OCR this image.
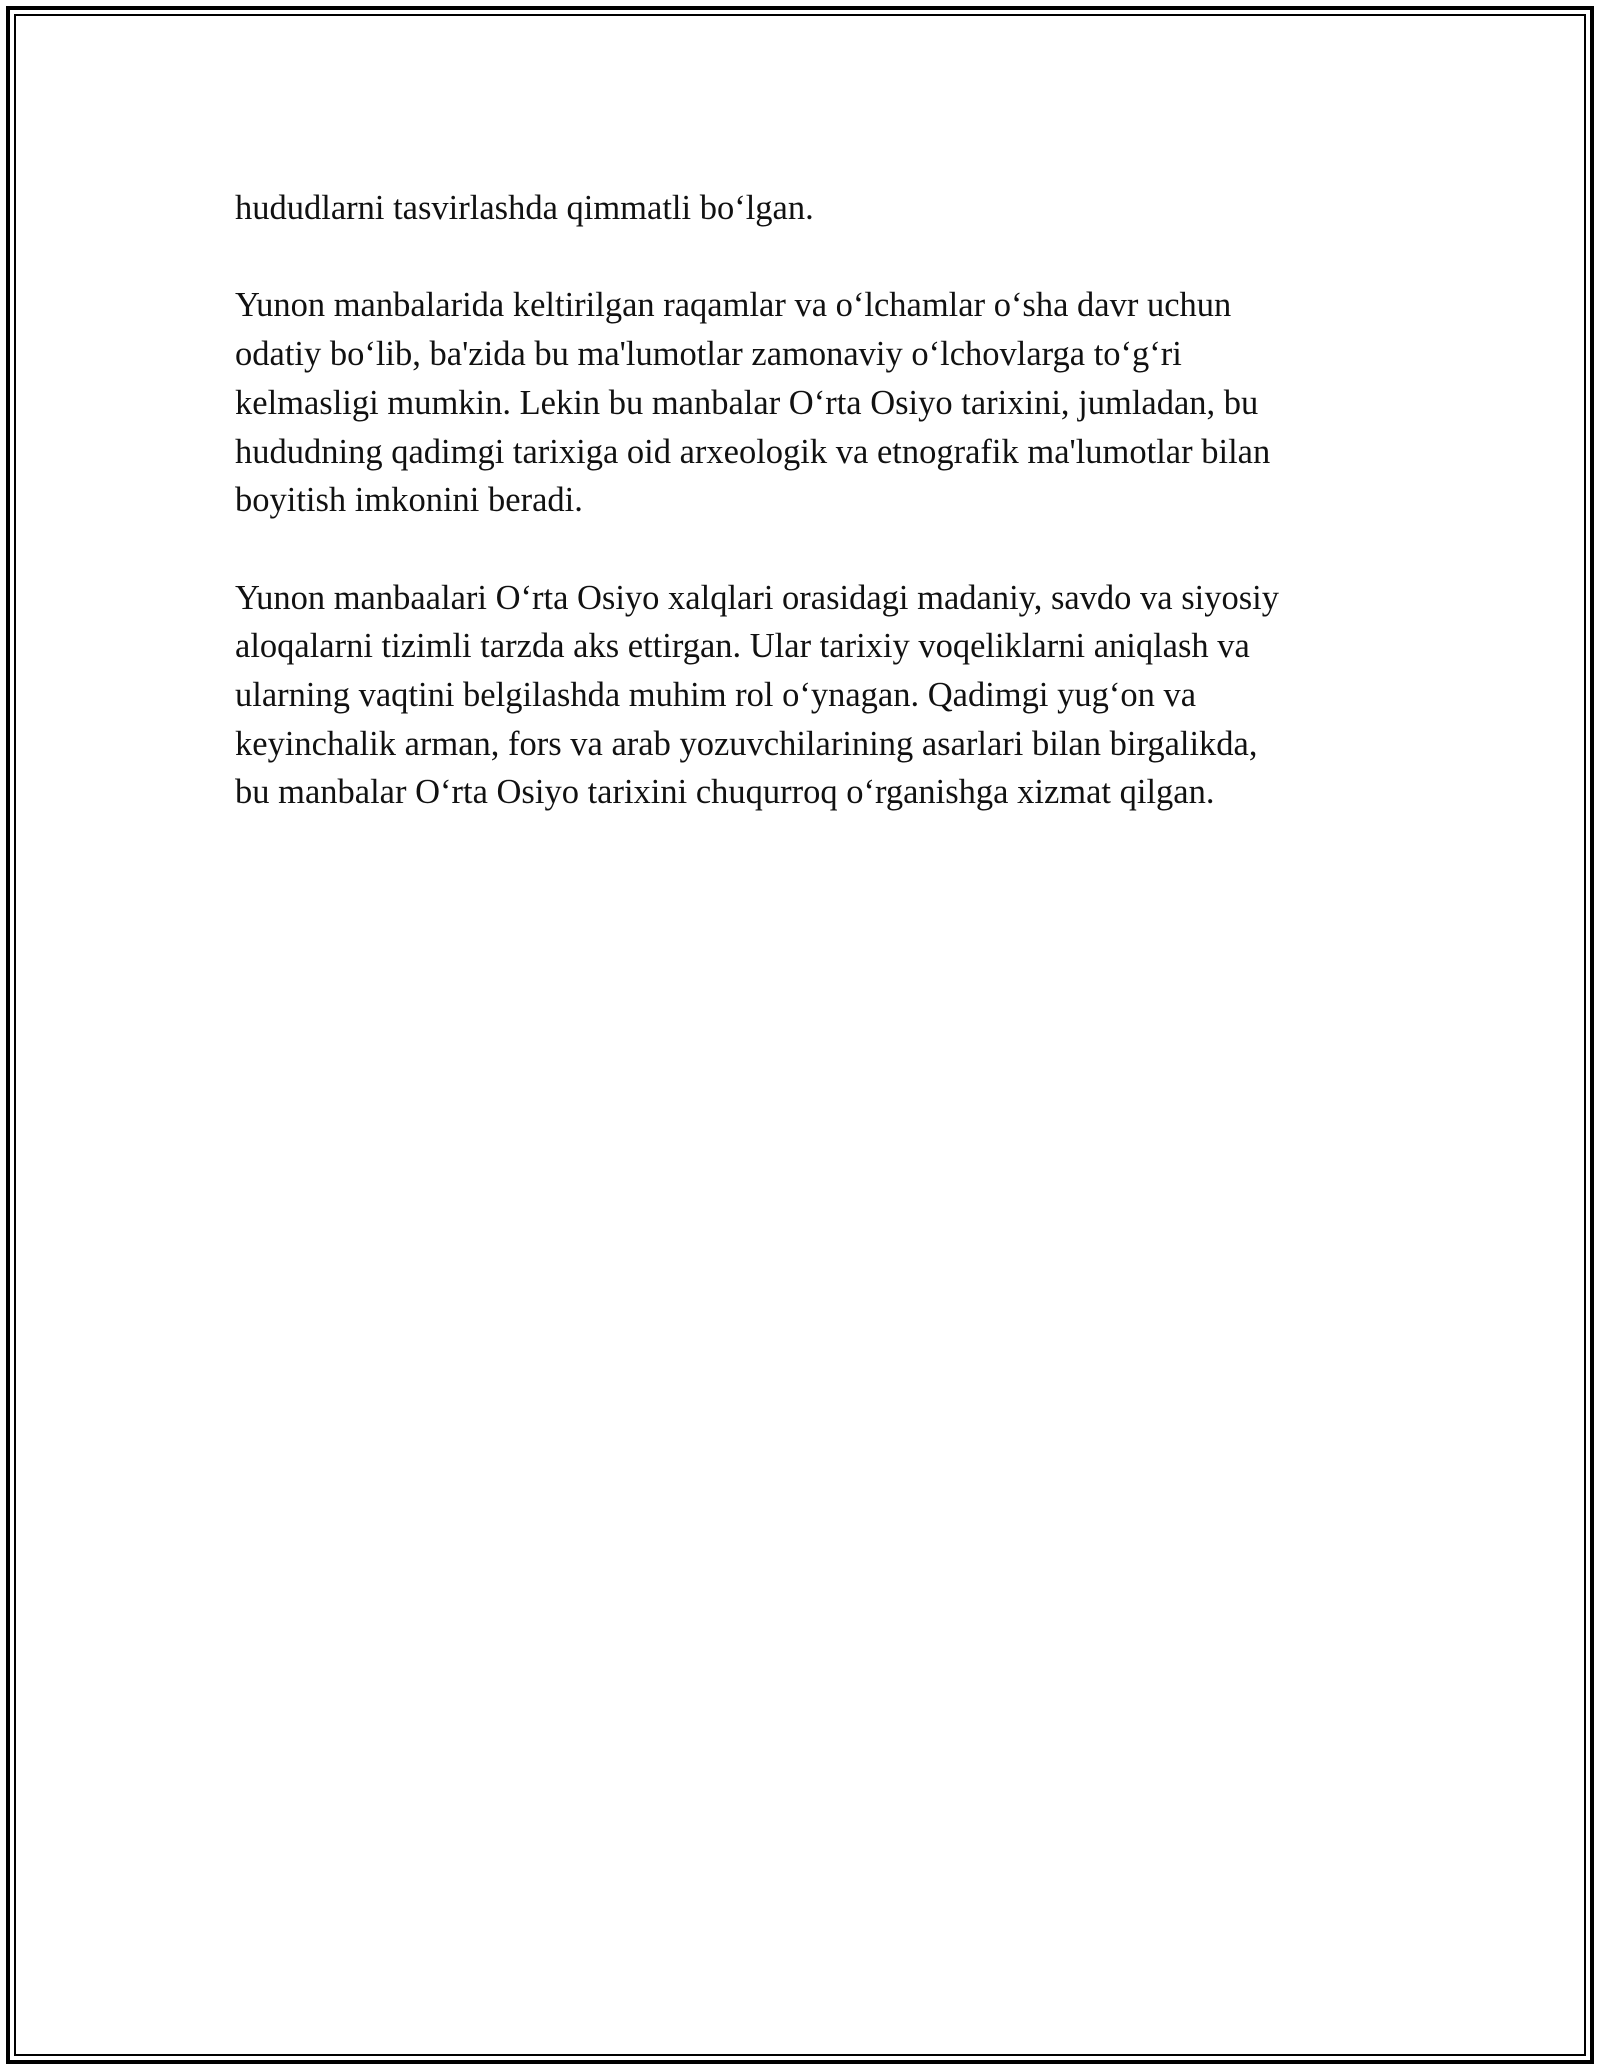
hududlarni tasvirlashda qimmatli bo‘lgan.

Yunon manbalarida keltirilgan raqamlar va o‘lchamlar o‘sha davr uchun
odatiy bo‘lib, ba'zida bu ma'lumotlar zamonaviy o‘lchovlarga to‘g‘ri
kelmasligi mumkin. Lekin bu manbalar O‘rta Osiyo tarixini, jumladan, bu
hududning qadimgi tarixiga oid arxeologik va etnografik ma'lumotlar bilan
boyitish imkonini beradi.

Yunon manbaalari O‘rta Osiyo xalqlari orasidagi madaniy, savdo va siyosiy
aloqalarni tizimli tarzda aks ettirgan. Ular tarixiy voqeliklarni aniqlash va
ularning vaqtini belgilashda muhim rol o‘ynagan. Qadimgi yug‘on va
keyinchalik arman, fors va arab yozuvchilarining asarlari bilan birgalikda,
bu manbalar O‘rta Osiyo tarixini chuqurroq o‘rganishga xizmat qilgan.
